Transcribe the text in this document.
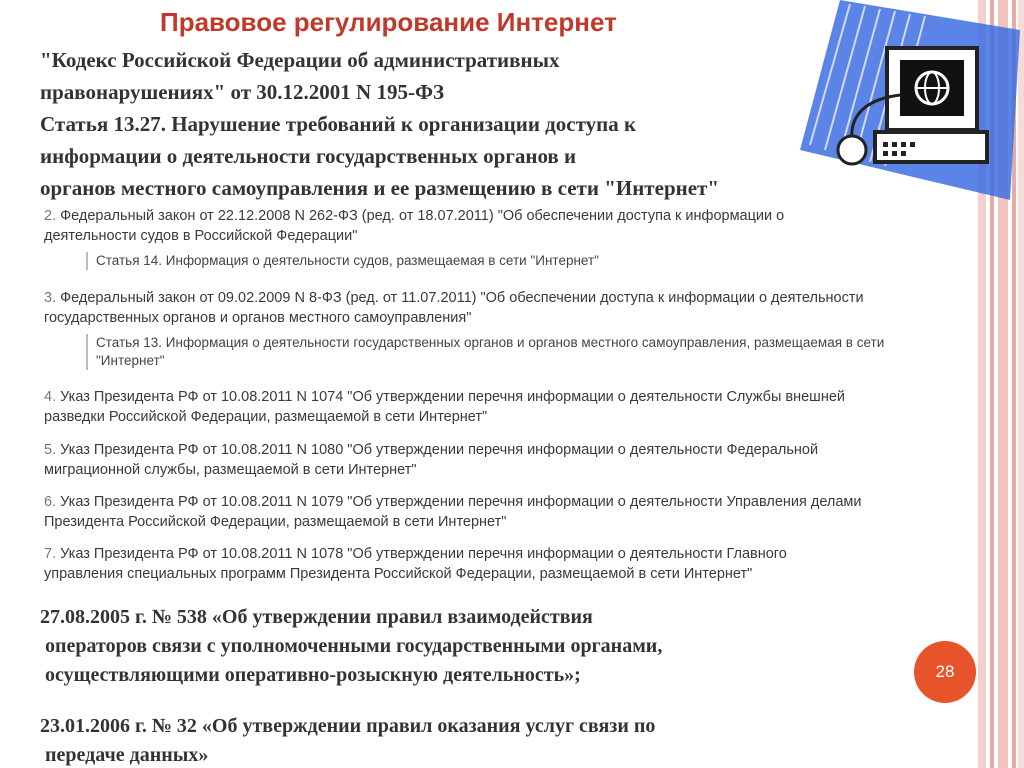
Правовое регулирование Интернет
"Кодекс Российской Федерации об административных
правонарушениях" от 30.12.2001 N 195-ФЗ
Статья 13.27. Нарушение требований к организации доступа к
информации о деятельности государственных органов и
органов местного самоуправления и ее размещению в сети "Интернет"
2. Федеральный закон от 22.12.2008 N 262-ФЗ (ред. от 18.07.2011) "Об обеспечении доступа к информации о
деятельности судов в Российской Федерации"
Статья 14. Информация о деятельности судов, размещаемая в сети "Интернет"
3. Федеральный закон от 09.02.2009 N 8-ФЗ (ред. от 11.07.2011) "Об обеспечении доступа к информации о деятельности
государственных органов и органов местного самоуправления"
Статья 13. Информация о деятельности государственных органов и органов местного самоуправления, размещаемая в сети
"Интернет"
4. Указ Президента РФ от 10.08.2011 N 1074 "Об утверждении перечня информации о деятельности Службы внешней
разведки Российской Федерации, размещаемой в сети Интернет"
5. Указ Президента РФ от 10.08.2011 N 1080 "Об утверждении перечня информации о деятельности Федеральной
миграционной службы, размещаемой в сети Интернет"
6. Указ Президента РФ от 10.08.2011 N 1079 "Об утверждении перечня информации о деятельности Управления делами
Президента Российской Федерации, размещаемой в сети Интернет"
7. Указ Президента РФ от 10.08.2011 N 1078 "Об утверждении перечня информации о деятельности Главного
управления специальных программ Президента Российской Федерации, размещаемой в сети Интернет"
27.08.2005 г. № 538 «Об утверждении правил взаимодействия
операторов связи с уполномоченными государственными органами,
осуществляющими оперативно-розыскную деятельность»;
23.01.2006 г. № 32 «Об утверждении правил оказания услуг связи по
передаче данных»
28
